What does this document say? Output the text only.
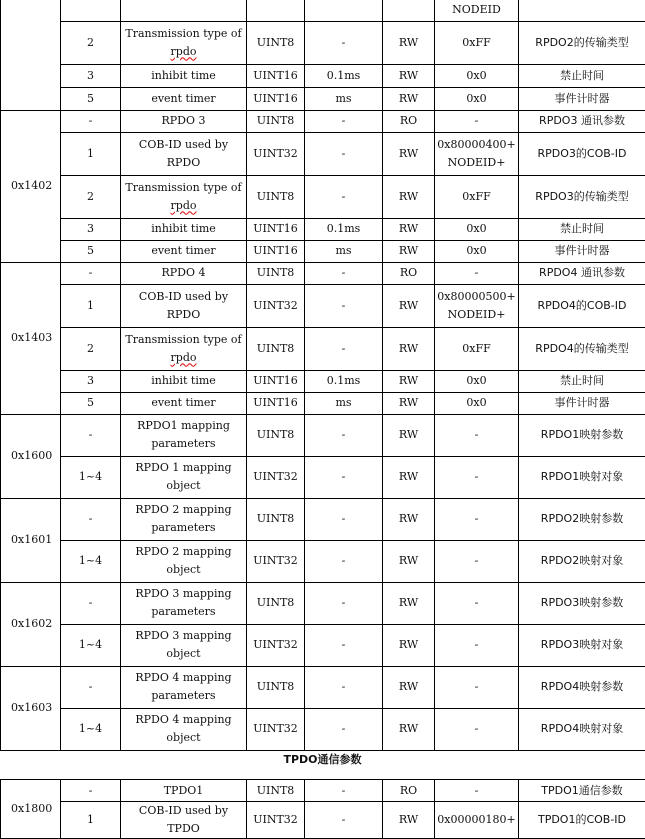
						NODEID	
	2	Transmission type of rpdo	UINT8	-	RW	0xFF	RPDO2的传输类型
	3	inhibit time	UINT16	0.1ms	RW	0x0	禁止时间
	5	event timer	UINT16	ms	RW	0x0	事件计时器
0x1402	-	RPDO 3	UINT8	-	RO	-	RPDO3 通讯参数
	1	COB-ID used by RPDO	UINT32	-	RW	0x80000400+ NODEID+	RPDO3的COB-ID
	2	Transmission type of rpdo	UINT8	-	RW	0xFF	RPDO3的传输类型
	3	inhibit time	UINT16	0.1ms	RW	0x0	禁止时间
	5	event timer	UINT16	ms	RW	0x0	事件计时器
0x1403	-	RPDO 4	UINT8	-	RO	-	RPDO4 通讯参数
	1	COB-ID used by RPDO	UINT32	-	RW	0x80000500+ NODEID+	RPDO4的COB-ID
	2	Transmission type of rpdo	UINT8	-	RW	0xFF	RPDO4的传输类型
	3	inhibit time	UINT16	0.1ms	RW	0x0	禁止时间
	5	event timer	UINT16	ms	RW	0x0	事件计时器
0x1600	-	RPDO1 mapping parameters	UINT8	-	RW	-	RPDO1映射参数
	1~4	RPDO 1 mapping object	UINT32	-	RW	-	RPDO1映射对象
0x1601	-	RPDO 2 mapping parameters	UINT8	-	RW	-	RPDO2映射参数
	1~4	RPDO 2 mapping object	UINT32	-	RW	-	RPDO2映射对象
0x1602	-	RPDO 3 mapping parameters	UINT8	-	RW	-	RPDO3映射参数
	1~4	RPDO 3 mapping object	UINT32	-	RW	-	RPDO3映射对象
0x1603	-	RPDO 4 mapping parameters	UINT8	-	RW	-	RPDO4映射参数
	1~4	RPDO 4 mapping object	UINT32	-	RW	-	RPDO4映射对象
TPDO通信参数
0x1800	-	TPDO1	UINT8	-	RO	-	TPDO1通信参数
	1	COB-ID used by TPDO	UINT32	-	RW	0x00000180+	TPDO1的COB-ID
